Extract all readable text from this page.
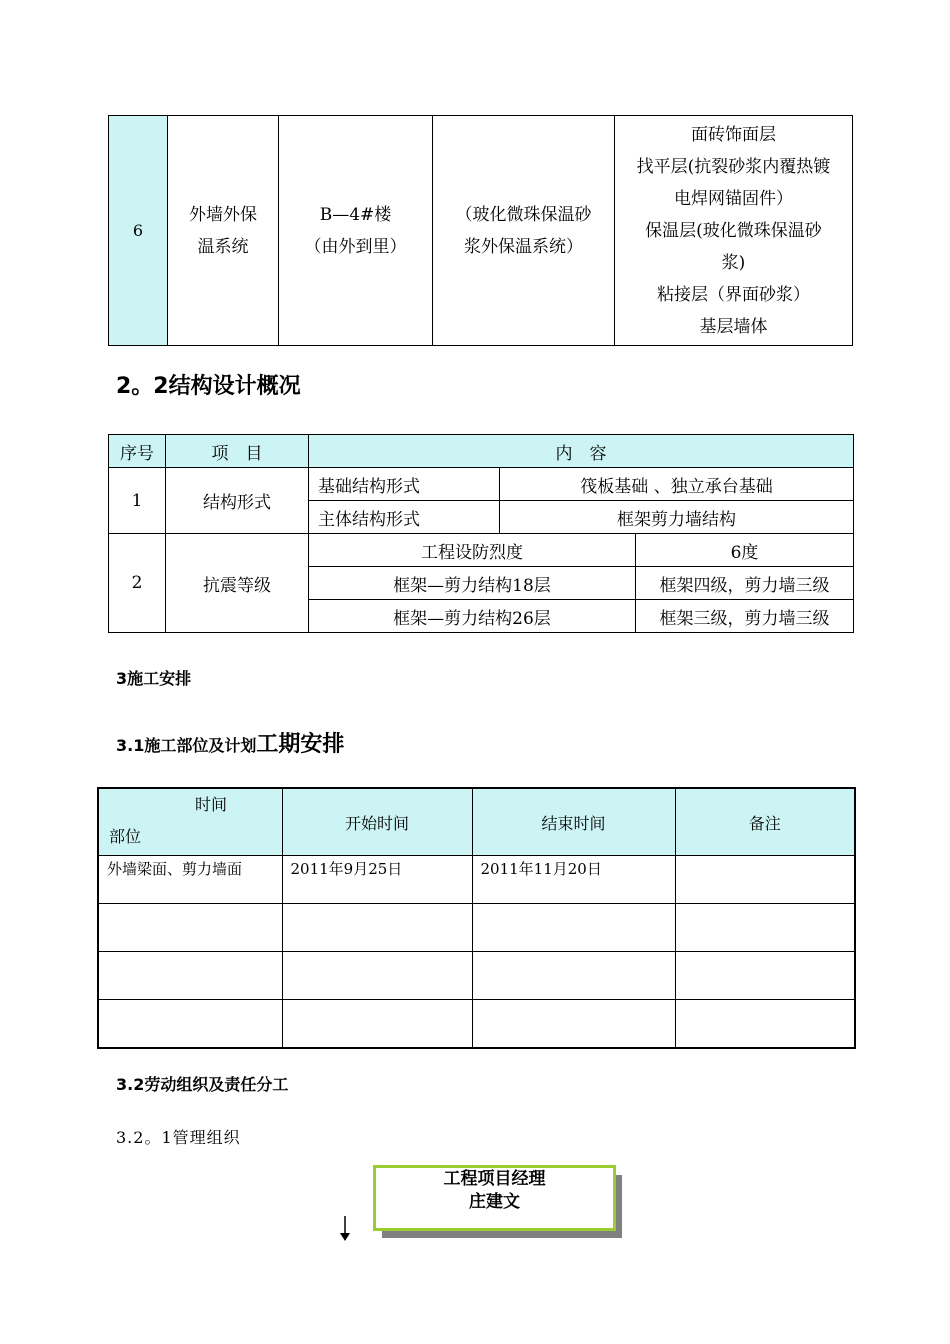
6	
外墙外保
温系统

B—4#楼
（由外到里）

（玻化微珠保温砂
浆外保温系统）

面砖饰面层
找平层(抗裂砂浆内覆热镀
电焊网锚固件）
保温层(玻化微珠保温砂
浆)
粘接层（界面砂浆）
基层墙体
2。2结构设计概况
序号	项　目	内　容		
1	结构形式	基础结构形式	筏板基础 、独立承台基础	
		主体结构形式	框架剪力墙结构	
2	抗震等级	工程设防烈度		6度
		框架—剪力结构18层		框架四级，剪力墙三级
		框架—剪力结构26层		框架三级，剪力墙三级
3施工安排
3.1施工部位及计划工期安排
时间
部位	开始时间	结束时间	备注
外墙梁面、剪力墙面	2011年9月25日	2011年11月20日	

3.2劳动组织及责任分工
3.2。1管理组织
工程项目经理
庄建文
